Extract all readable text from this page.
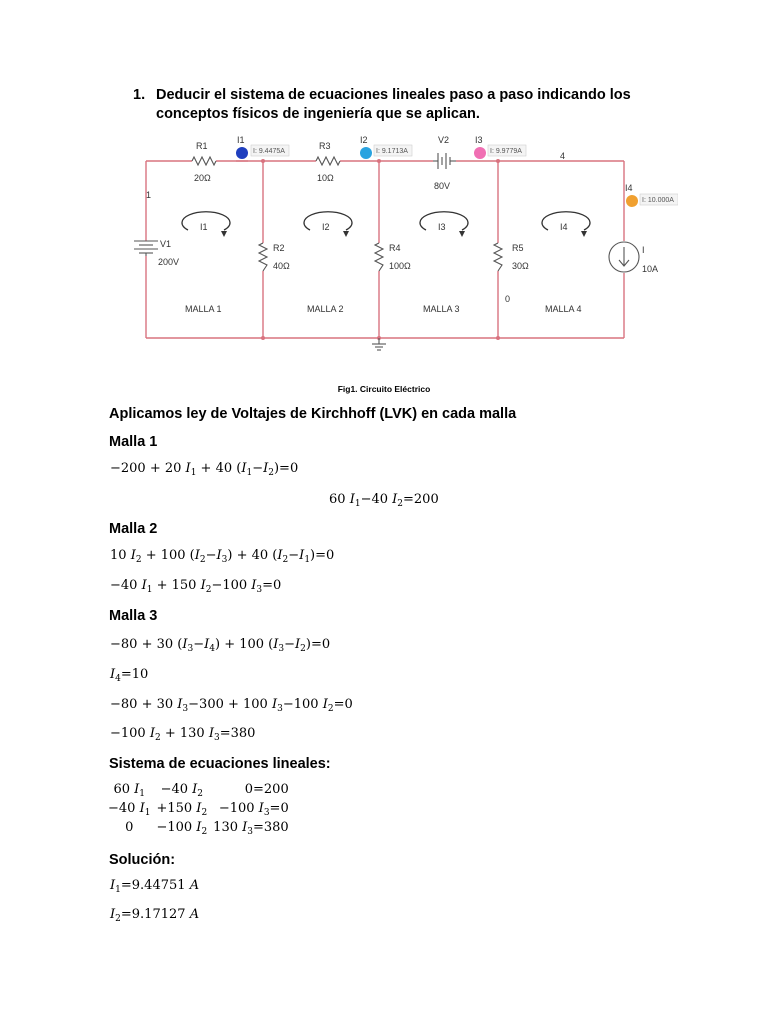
1. Deducir el sistema de ecuaciones lineales paso a paso indicando los conceptos físicos de ingeniería que se aplican.
I: 9.4475A	I: 9.1713A	I: 9.9779A
I: 10.000A
I1	I2	I3
I4
R1
20Ω
R3
10Ω
V2
80V
R2
40Ω
R4
100Ω
R5
30Ω
V1
200V
I
10A
1
4
0
I1	I2	I3	I4
MALLA 1	MALLA 2	MALLA 3	MALLA 4
Fig1. Circuito Eléctrico
Aplicamos ley de Voltajes de Kirchhoff (LVK) en cada malla
Malla 1
−200 + 20 $I_1 + 40$ $(I_1-I_2)=0$
60 $I_1-40$ $I_2=200$
Malla 2
10 $I_2 + 100$ $(I_2-I_3) + 40$ $(I_2-I_1)=0$
−40 $I_1 + 150$ $I_2-100$ $I_3=0$
Malla 3
−80 + 30 $(I_3-I_4) + 100$ $(I_3-I_2)=0$
$I_4=10$
−80 + 30 $I_3-300 + 100$ $I_3-100$ $I_2=0$
−100 $I_2 + 130$ $I_3=380$
Sistema de ecuaciones lineales:
60 $I_1$	−40 $I_2$	0=200
−40 $I_1$	+150 $I_2$	−100 $I_3=0$
0	−100 $I_2$	130 $I_3=380$
Solución:
$I_1=9.44751$ A
$I_2=9.17127$ A
